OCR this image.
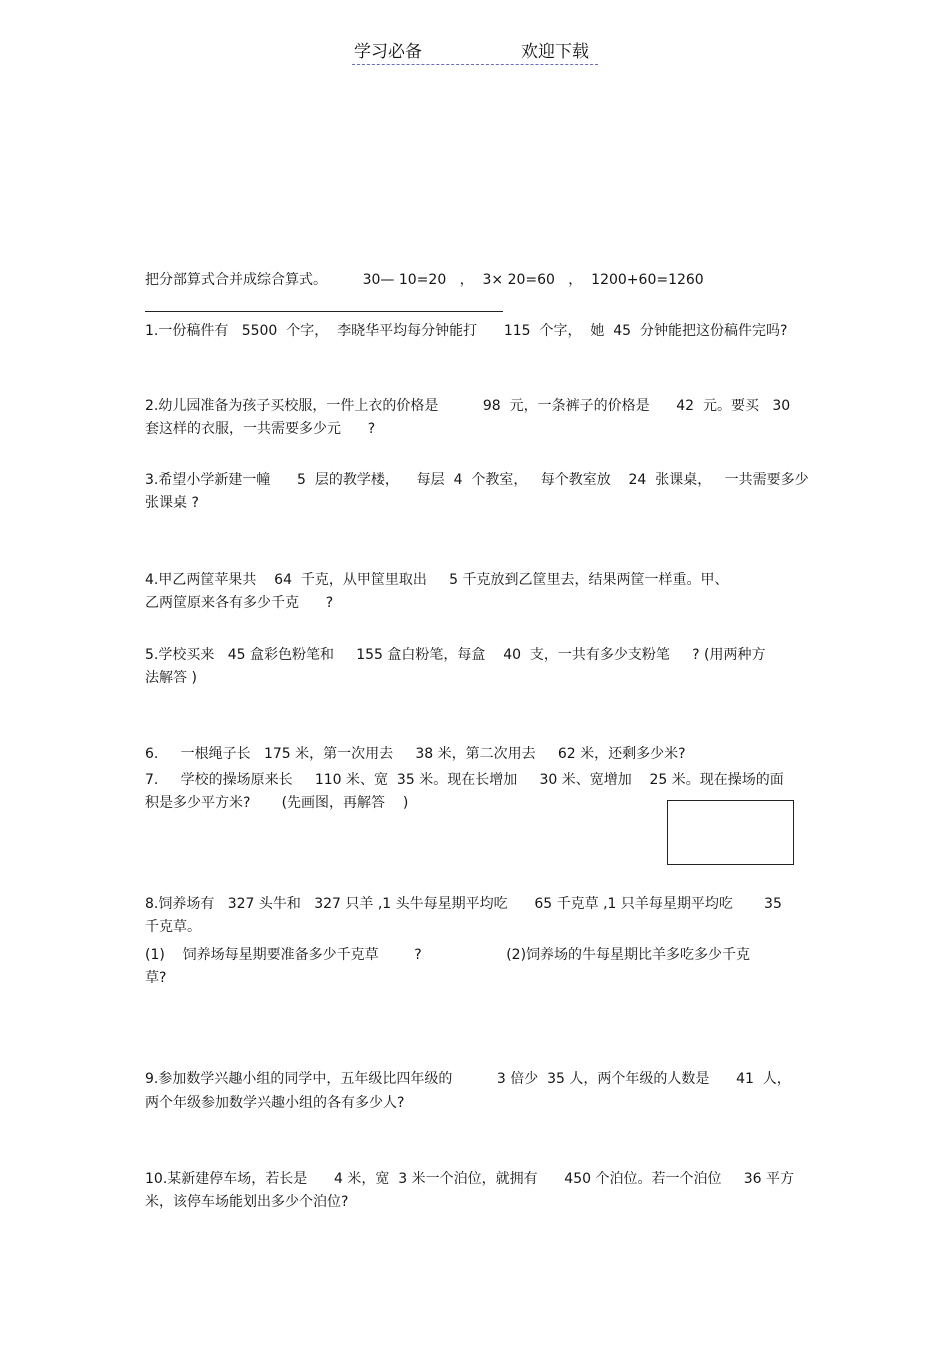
学习必备	欢迎下载
把分部算式合并成综合算式。        30— 10=20   ，  3× 20=60   ，  1200+60=1260
1.一份稿件有   5500  个字，  李晓华平均每分钟能打      115  个字，  她  45  分钟能把这份稿件完吗?
2.幼儿园准备为孩子买校服，一件上衣的价格是          98  元，一条裤子的价格是      42  元。要买   30
套这样的衣服，一共需要多少元      ?
3.希望小学新建一幢      5  层的教学楼，    每层  4  个教室，   每个教室放    24  张课桌，   一共需要多少
张课桌 ?
4.甲乙两筐苹果共    64  千克，从甲筐里取出     5 千克放到乙筐里去，结果两筐一样重。甲、
乙两筐原来各有多少千克      ?
5.学校买来   45 盒彩色粉笔和     155 盒白粉笔，每盒    40  支，一共有多少支粉笔     ? (用两种方
法解答 )
6.     一根绳子长   175 米，第一次用去     38 米，第二次用去     62 米，还剩多少米?
7.     学校的操场原来长     110 米、宽  35 米。现在长增加     30 米、宽增加    25 米。现在操场的面
积是多少平方米?       (先画图，再解答    )
8.饲养场有   327 头牛和   327 只羊 ,1 头牛每星期平均吃      65 千克草 ,1 只羊每星期平均吃       35
千克草。
(1)    饲养场每星期要准备多少千克草        ?                   (2)饲养场的牛每星期比羊多吃多少千克
草?
9.参加数学兴趣小组的同学中，五年级比四年级的          3 倍少  35 人，两个年级的人数是      41  人，
两个年级参加数学兴趣小组的各有多少人?
10.某新建停车场，若长是      4 米，宽  3 米一个泊位，就拥有      450 个泊位。若一个泊位     36 平方
米，该停车场能划出多少个泊位?
